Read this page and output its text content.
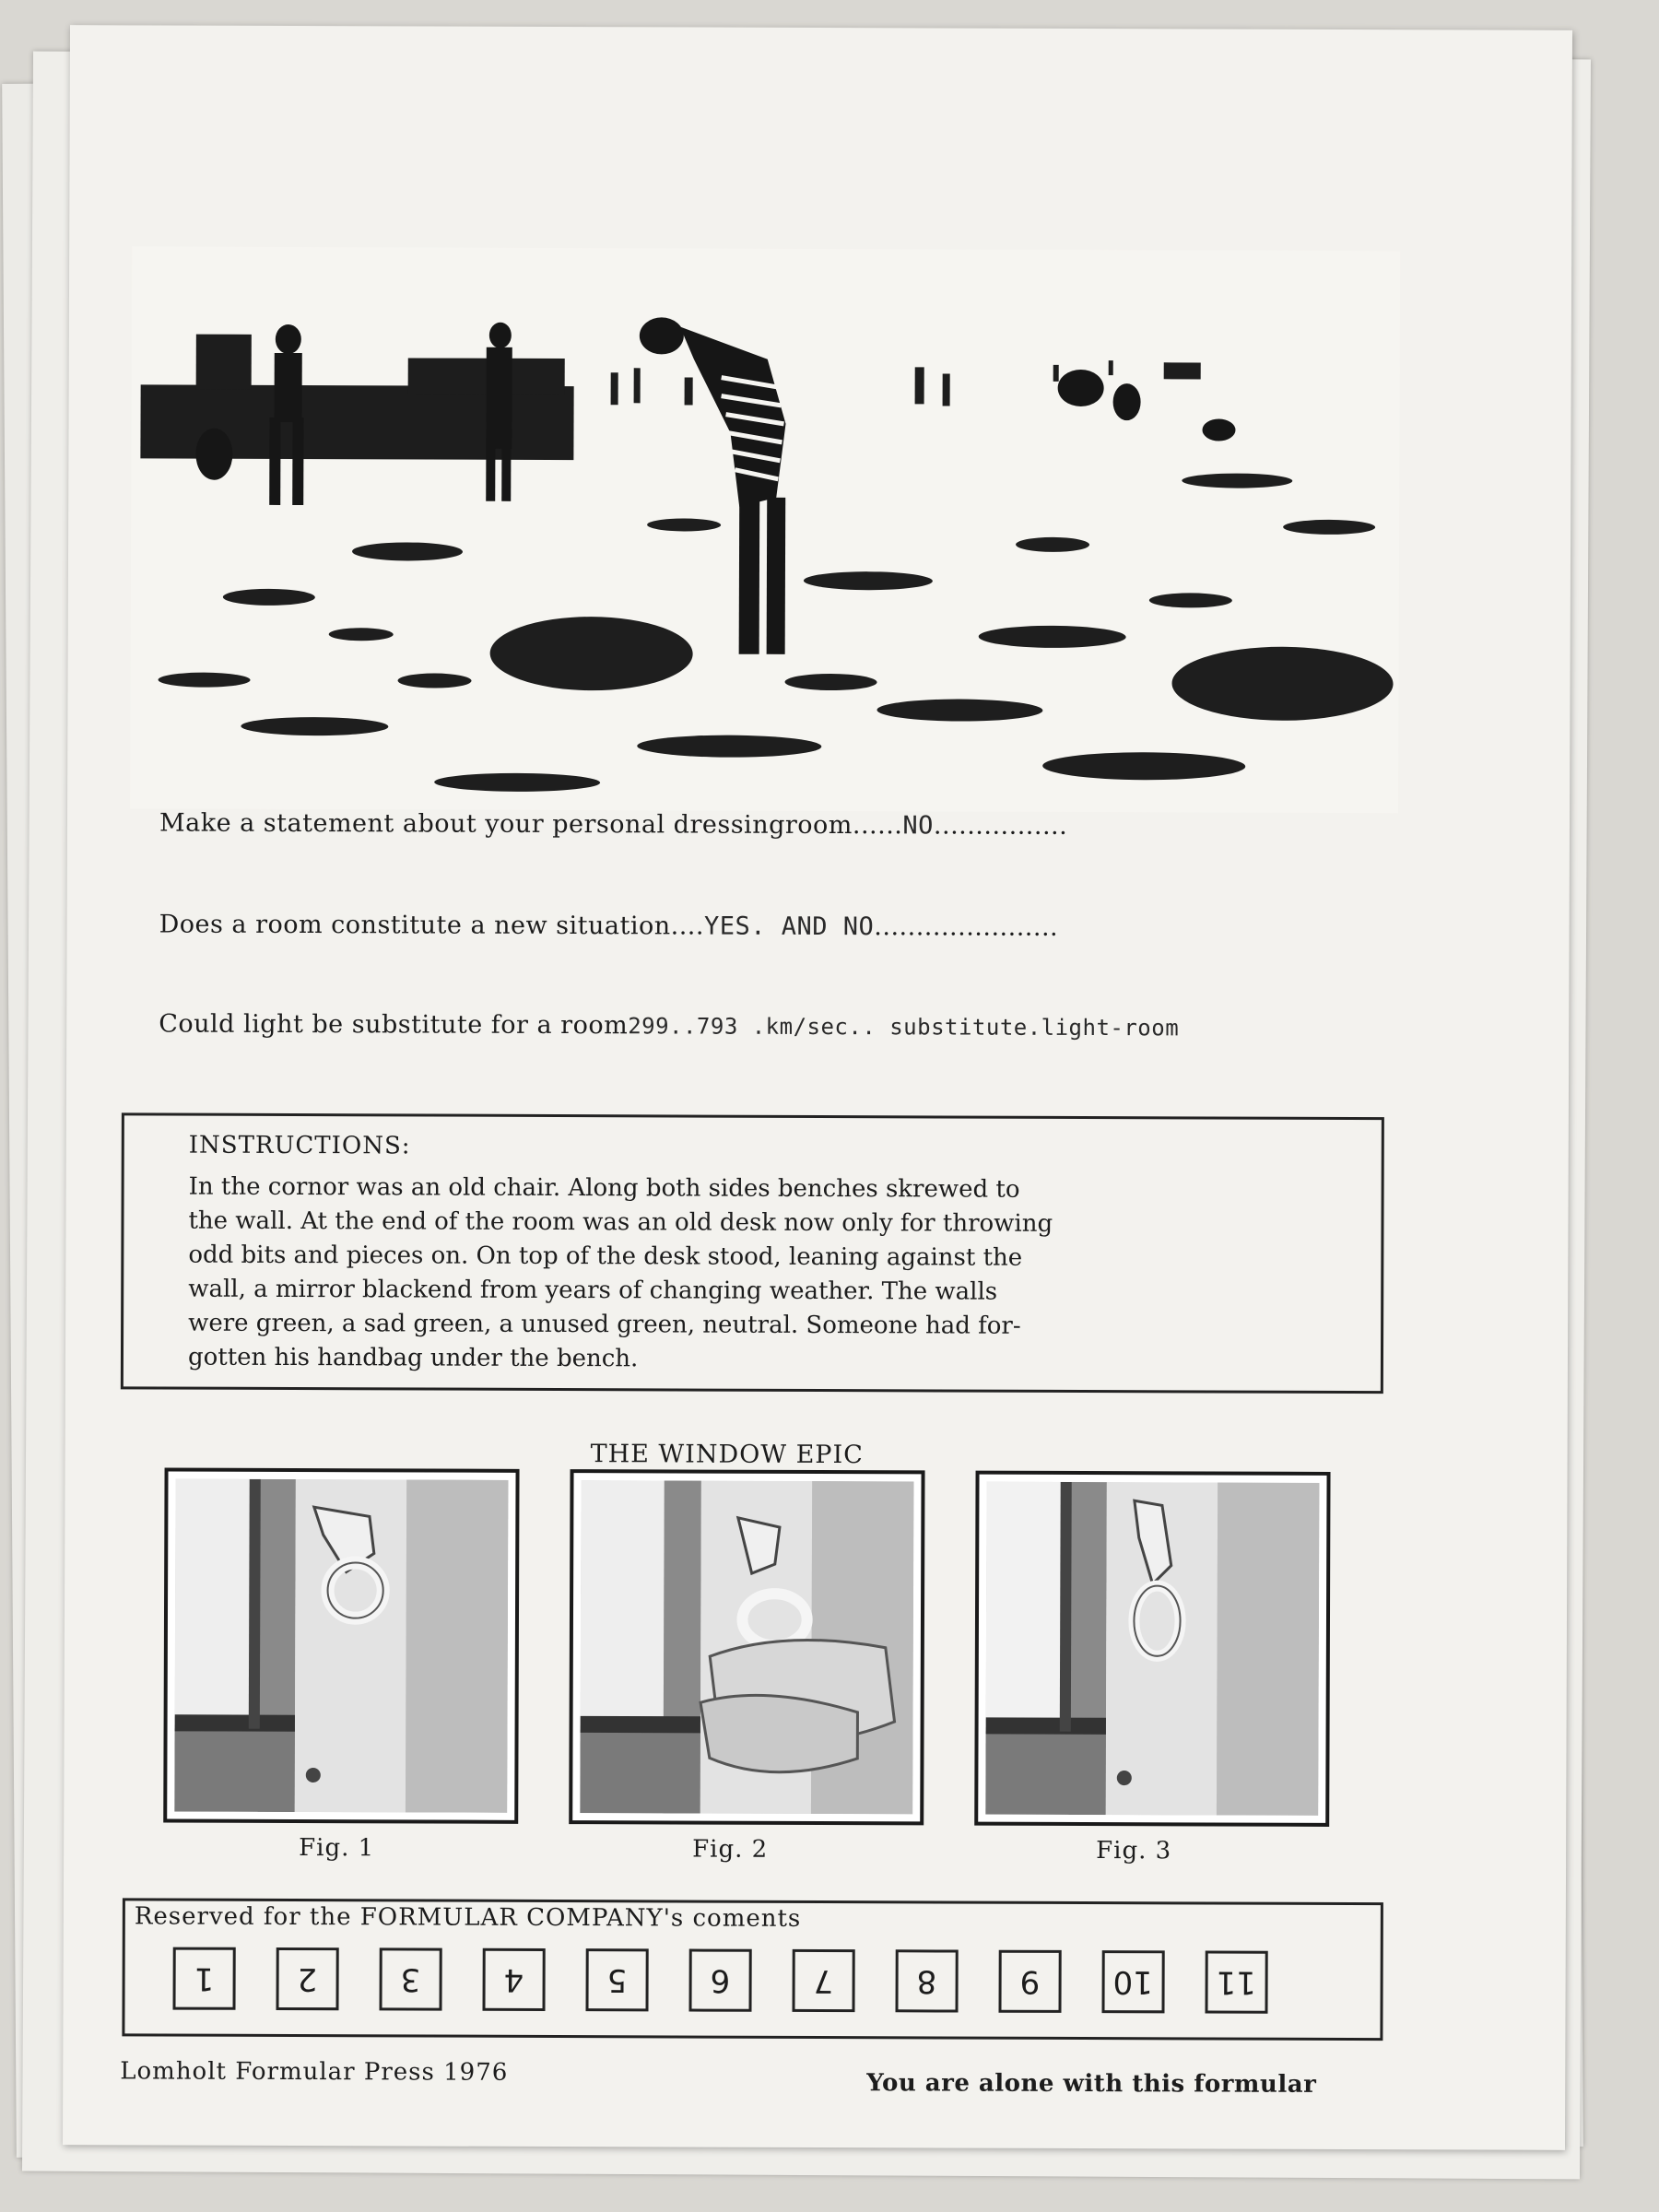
Make a statement about your personal dressingroom......NO................
Does a room constitute a new situation....YES. AND NO......................
Could light be substitute for a room299..793 .km/sec.. substitute.light-room
INSTRUCTIONS:
In the cornor was an old chair. Along both sides benches skrewed to
the wall. At the end of the room was an old desk now only for throwing
odd bits and pieces on. On top of the desk stood, leaning against the
wall, a mirror blackend from years of changing weather. The walls
were green, a sad green, a unused green, neutral. Someone had for-
gotten his handbag under the bench.
THE WINDOW EPIC
Fig. 1	Fig. 2	Fig. 3
Reserved for the FORMULAR COMPANY's coments
1	2	3	4	5	6	7	8	9 10 11
Lomholt Formular Press 1976	You are alone with this formular
